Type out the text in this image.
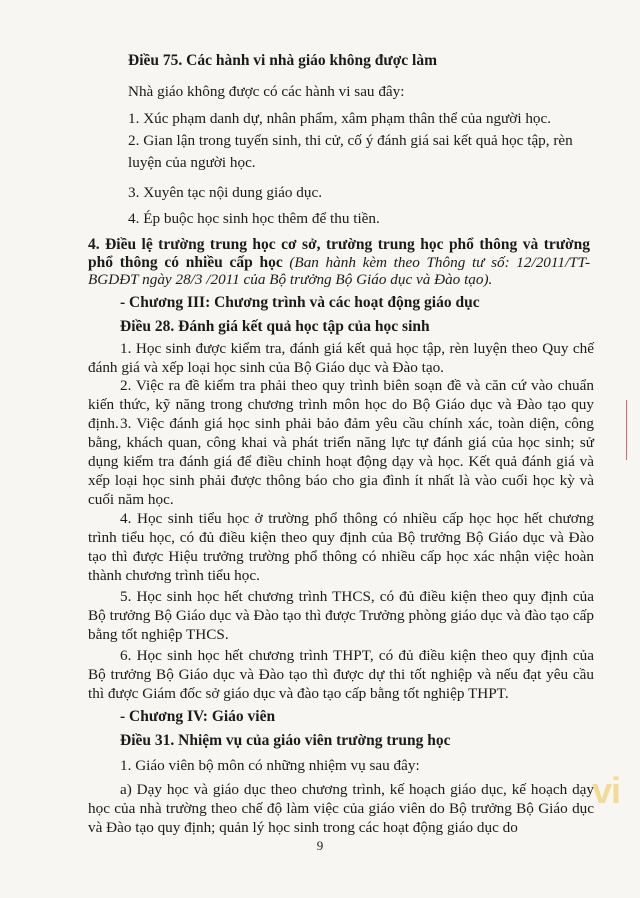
Điều 75. Các hành vi nhà giáo không được làm

Nhà giáo không được có các hành vi sau đây:

1. Xúc phạm danh dự, nhân phẩm, xâm phạm thân thể của người học.

2. Gian lận trong tuyển sinh, thi cử, cố ý đánh giá sai kết quả học tập, rèn luyện của người học.

3. Xuyên tạc nội dung giáo dục.

4. Ép buộc học sinh học thêm để thu tiền.

4. Điều lệ trường trung học cơ sở, trường trung học phổ thông và trường phổ thông có nhiều cấp học (Ban hành kèm theo Thông tư số: 12/2011/TT-BGDĐT ngày 28/3 /2011 của Bộ trưởng Bộ Giáo dục và Đào tạo).

- Chương III: Chương trình và các hoạt động giáo dục

Điều 28. Đánh giá kết quả học tập của học sinh

1. Học sinh được kiểm tra, đánh giá kết quả học tập, rèn luyện theo Quy chế đánh giá và xếp loại học sinh của Bộ Giáo dục và Đào tạo.

2. Việc ra đề kiểm tra phải theo quy trình biên soạn đề và căn cứ vào chuẩn kiến thức, kỹ năng trong chương trình môn học do Bộ Giáo dục và Đào tạo quy định. 3. Việc đánh giá học sinh phải bảo đảm yêu cầu chính xác, toàn diện, công bằng, khách quan, công khai và phát triển năng lực tự đánh giá của học sinh; sử dụng kiểm tra đánh giá để điều chỉnh hoạt động dạy và học. Kết quả đánh giá và xếp loại học sinh phải được thông báo cho gia đình ít nhất là vào cuối học kỳ và cuối năm học.

4. Học sinh tiểu học ở trường phổ thông có nhiều cấp học học hết chương trình tiểu học, có đủ điều kiện theo quy định của Bộ trưởng Bộ Giáo dục và Đào tạo thì được Hiệu trưởng trường phổ thông có nhiều cấp học xác nhận việc hoàn thành chương trình tiểu học.

5. Học sinh học hết chương trình THCS, có đủ điều kiện theo quy định của Bộ trưởng Bộ Giáo dục và Đào tạo thì được Trưởng phòng giáo dục và đào tạo cấp bằng tốt nghiệp THCS.

6. Học sinh học hết chương trình THPT, có đủ điều kiện theo quy định của Bộ trưởng Bộ Giáo dục và Đào tạo thì được dự thi tốt nghiệp và nếu đạt yêu cầu thì được Giám đốc sở giáo dục và đào tạo cấp bằng tốt nghiệp THPT.

- Chương IV: Giáo viên

Điều 31. Nhiệm vụ của giáo viên trường trung học

1. Giáo viên bộ môn có những nhiệm vụ sau đây:

a) Dạy học và giáo dục theo chương trình, kế hoạch giáo dục, kế hoạch dạy học của nhà trường theo chế độ làm việc của giáo viên do Bộ trưởng Bộ Giáo dục và Đào tạo quy định; quản lý học sinh trong các hoạt động giáo dục do

9
vi
